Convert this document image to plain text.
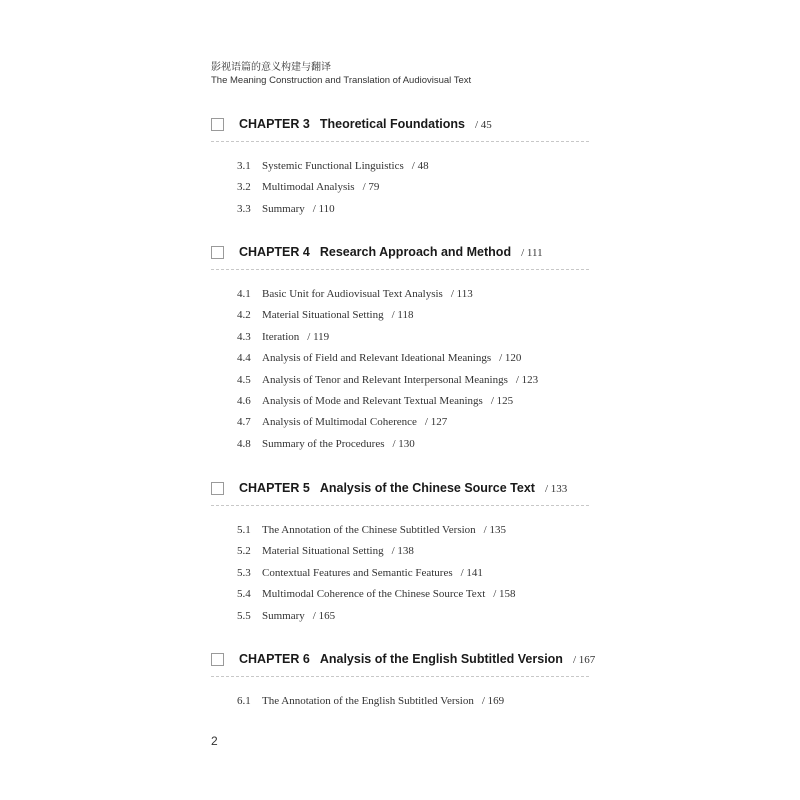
影视语篇的意义构建与翻译
The Meaning Construction and Translation of Audiovisual Text
CHAPTER 3 Theoretical Foundations / 45
3.1 Systemic Functional Linguistics / 48
3.2 Multimodal Analysis / 79
3.3 Summary / 110
CHAPTER 4 Research Approach and Method / 111
4.1 Basic Unit for Audiovisual Text Analysis / 113
4.2 Material Situational Setting / 118
4.3 Iteration / 119
4.4 Analysis of Field and Relevant Ideational Meanings / 120
4.5 Analysis of Tenor and Relevant Interpersonal Meanings / 123
4.6 Analysis of Mode and Relevant Textual Meanings / 125
4.7 Analysis of Multimodal Coherence / 127
4.8 Summary of the Procedures / 130
CHAPTER 5 Analysis of the Chinese Source Text / 133
5.1 The Annotation of the Chinese Subtitled Version / 135
5.2 Material Situational Setting / 138
5.3 Contextual Features and Semantic Features / 141
5.4 Multimodal Coherence of the Chinese Source Text / 158
5.5 Summary / 165
CHAPTER 6 Analysis of the English Subtitled Version / 167
6.1 The Annotation of the English Subtitled Version / 169
2
